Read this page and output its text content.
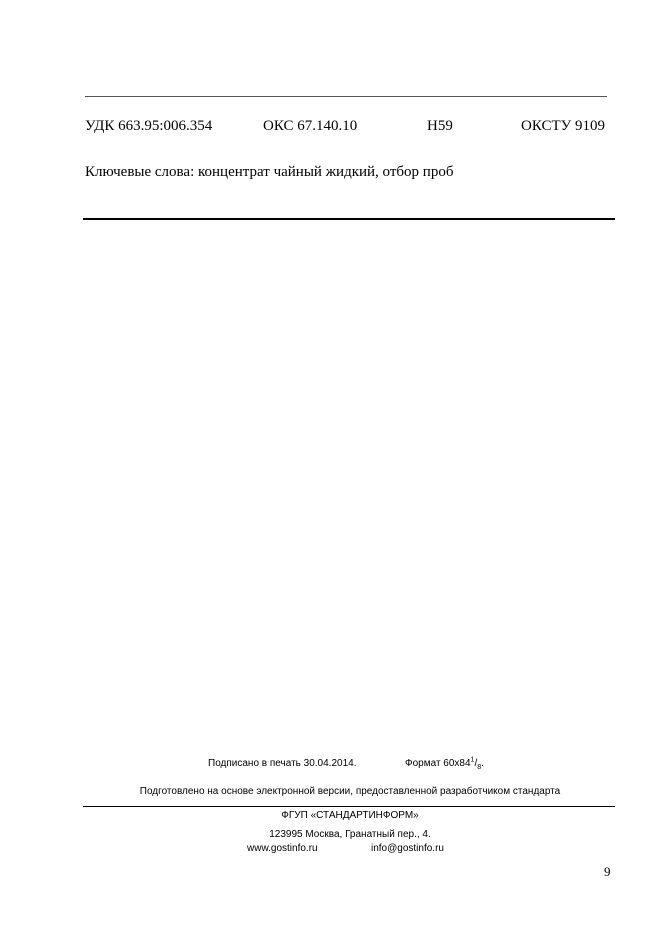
УДК 663.95:006.354	ОКС 67.140.10	Н59	ОКСТУ 9109
Ключевые слова: концентрат чайный жидкий, отбор проб
Подписано в печать 30.04.2014.	Формат $60x84^1/_8$.
Подготовлено на основе электронной версии, предоставленной разработчиком стандарта
ФГУП «СТАНДАРТИНФОРМ»
123995 Москва, Гранатный пер., 4.
www.gostinfo.ru	info@gostinfo.ru
9
